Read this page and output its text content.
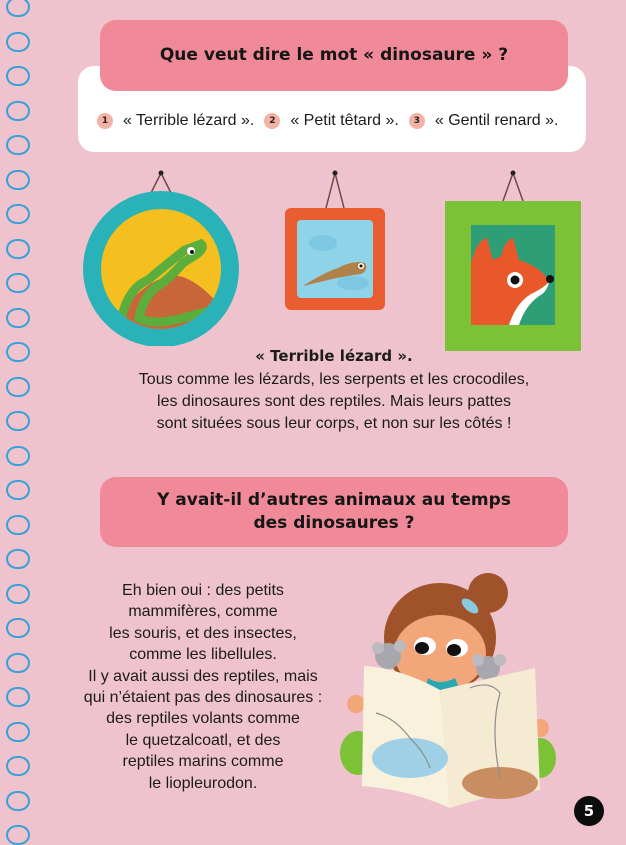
Que veut dire le mot « dinosaure » ?
1 « Terrible lézard ».	2 « Petit têtard ».	3 « Gentil renard ».
« Terrible lézard ».
Tous comme les lézards, les serpents et les crocodiles,
les dinosaures sont des reptiles. Mais leurs pattes
sont situées sous leur corps, et non sur les côtés !
Y avait-il d’autres animaux au temps
des dinosaures ?
Eh bien oui : des petits
mammifères, comme
les souris, et des insectes,
comme les libellules.
Il y avait aussi des reptiles, mais
qui n’étaient pas des dinosaures :
des reptiles volants comme
le quetzalcoatl, et des
reptiles marins comme
le liopleurodon.
5
